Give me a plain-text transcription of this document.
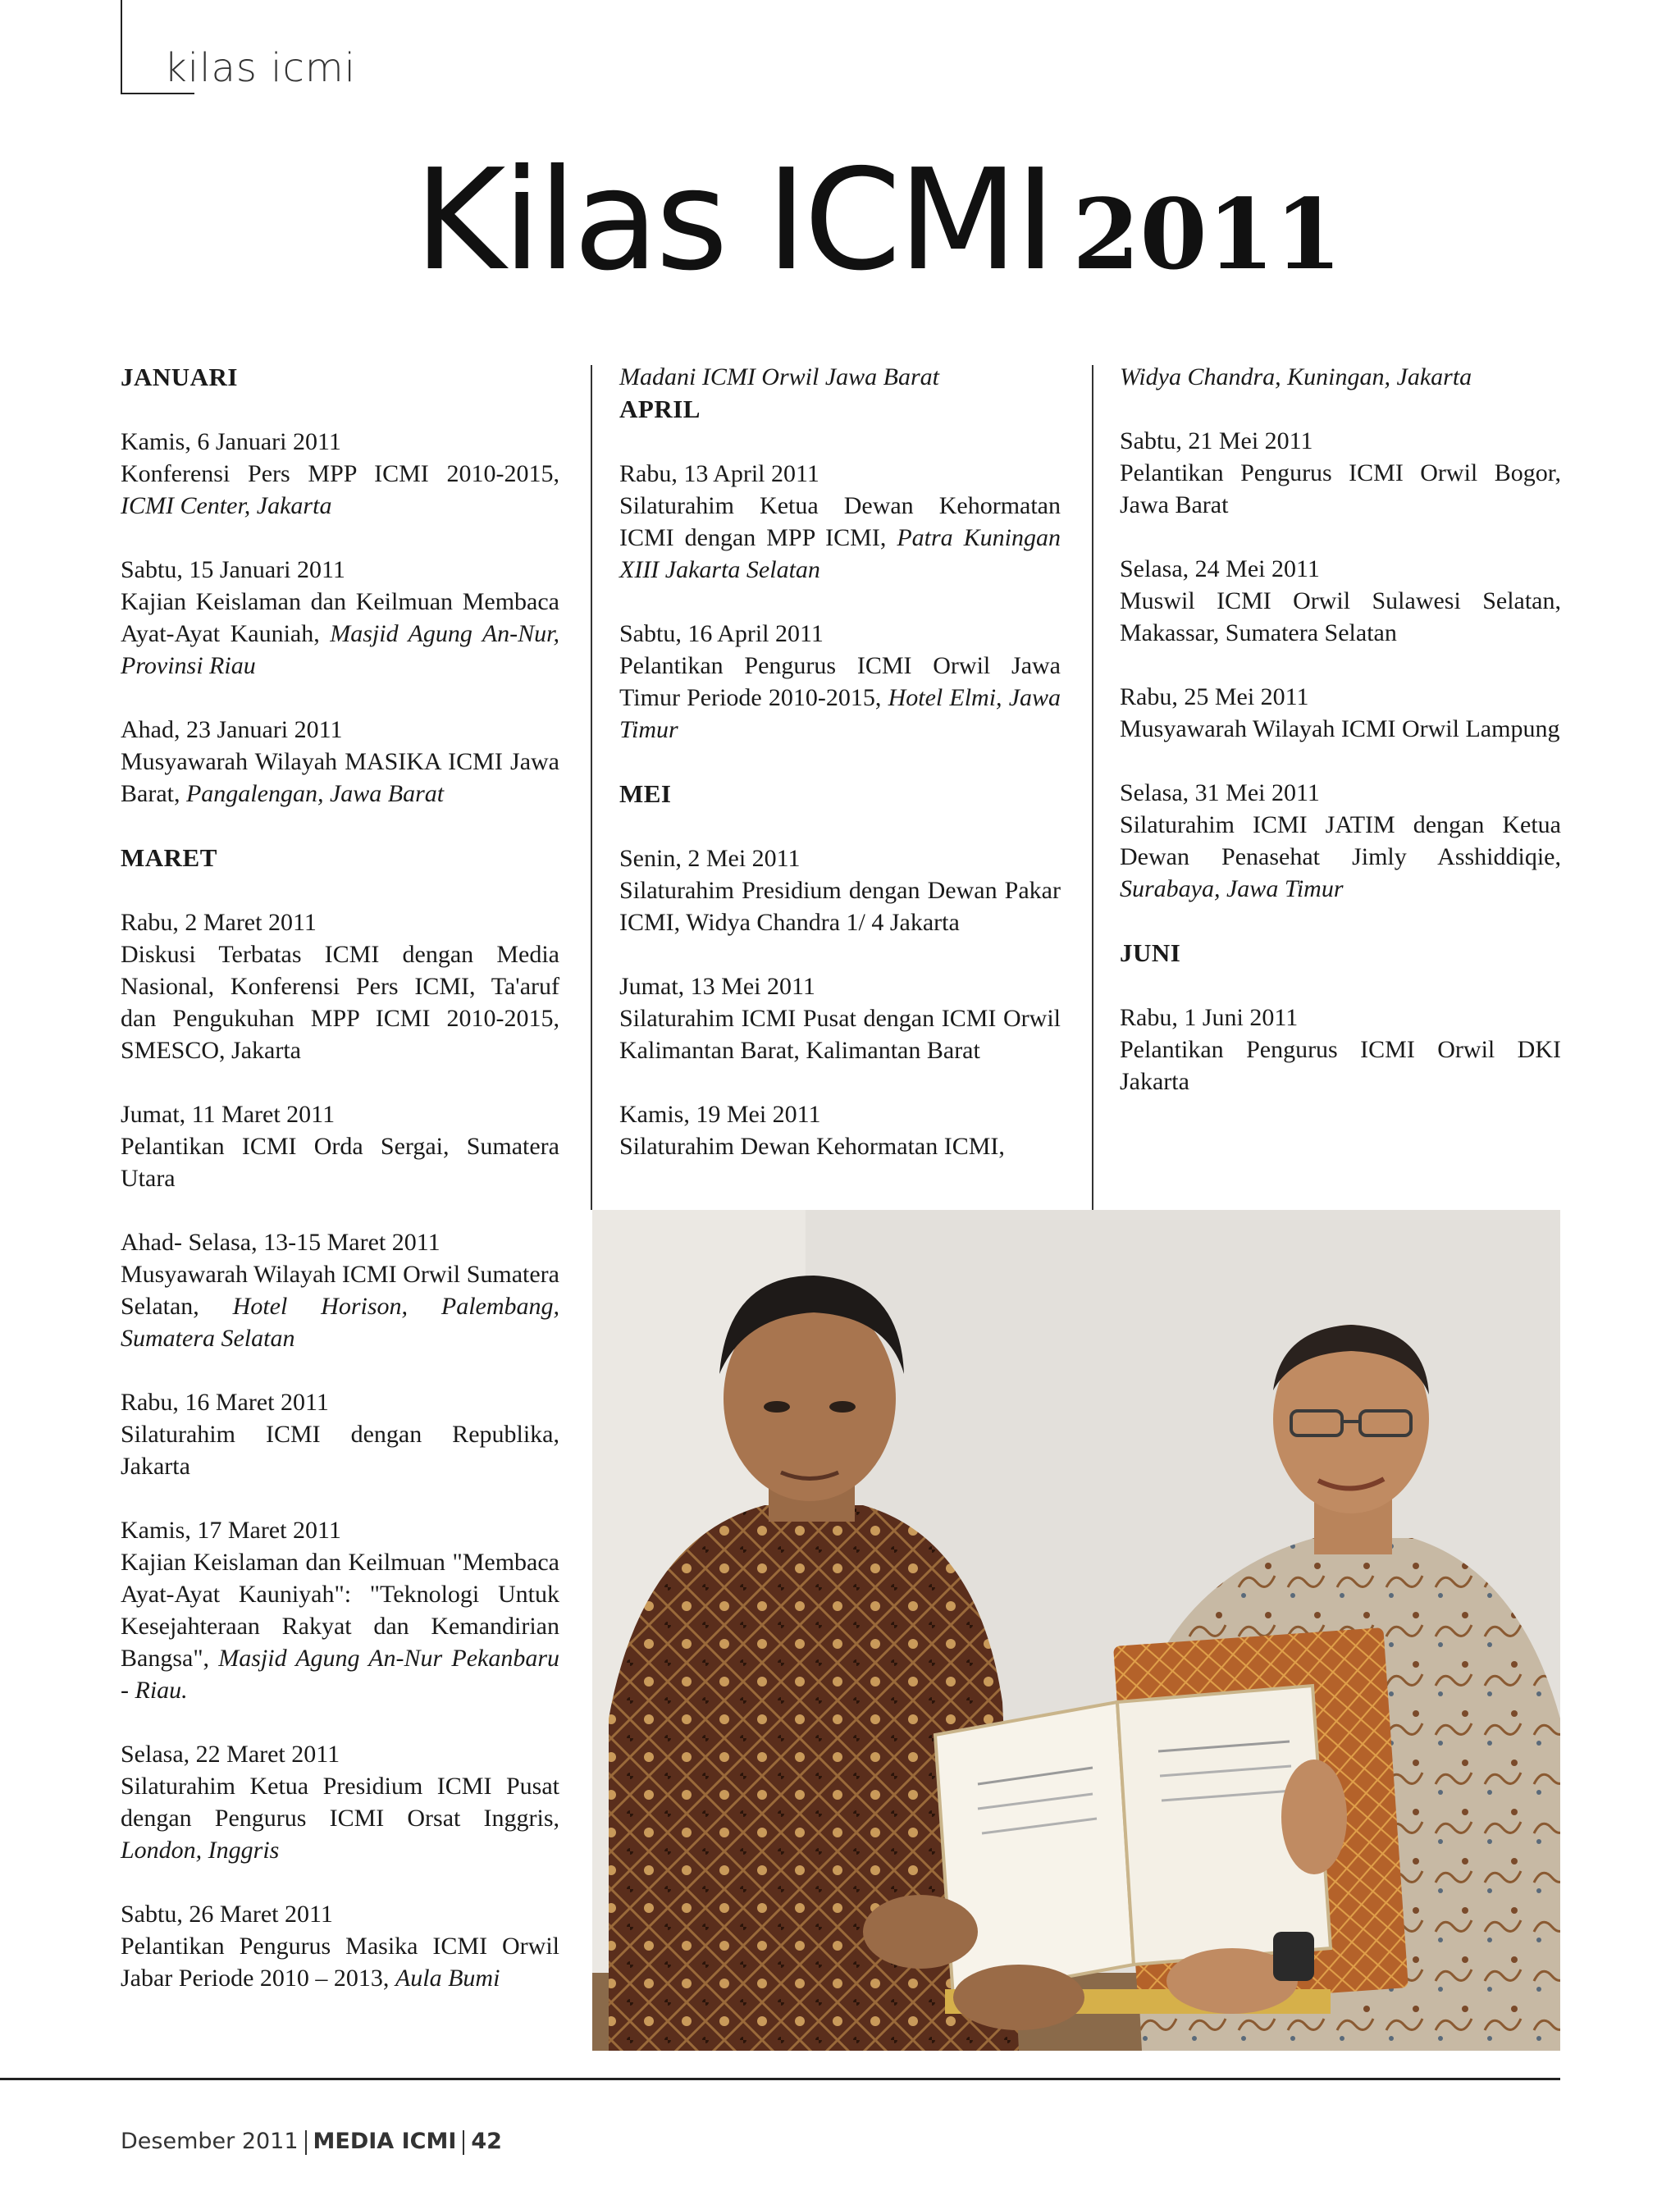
kilas icmi
Kilas ICMI 2011

JANUARI

Kamis, 6 Januari 2011
Konferensi Pers MPP ICMI 2010-2015, ICMI Center, Jakarta
Sabtu, 15 Januari 2011
Kajian Keislaman dan Keilmuan Membaca Ayat-Ayat Kauniah, Masjid Agung An-Nur, Provinsi Riau
Ahad, 23 Januari 2011
Musyawarah Wilayah MASIKA ICMI Jawa Barat, Pangalengan, Jawa Barat

MARET

Rabu, 2 Maret 2011
Diskusi Terbatas ICMI dengan Media Nasional, Konferensi Pers ICMI, Ta'aruf dan Pengukuhan MPP ICMI 2010-2015, SMESCO, Jakarta
Jumat, 11 Maret 2011
Pelantikan ICMI Orda Sergai, Sumatera Utara
Ahad- Selasa, 13-15 Maret 2011
Musyawarah Wilayah ICMI Orwil Sumatera Selatan, Hotel Horison, Palembang, Sumatera Selatan
Rabu, 16 Maret 2011
Silaturahim ICMI dengan Republika, Jakarta
Kamis, 17 Maret 2011
Kajian Keislaman dan Keilmuan "Membaca Ayat-Ayat Kauniyah": "Teknologi Untuk Kesejahteraan Rakyat dan Kemandirian Bangsa", Masjid Agung An-Nur Pekanbaru - Riau.
Selasa, 22 Maret 2011
Silaturahim Ketua Presidium ICMI Pusat dengan Pengurus ICMI Orsat Inggris, London, Inggris
Sabtu, 26 Maret 2011
Pelantikan Pengurus Masika ICMI Orwil Jabar Periode 2010 – 2013, Aula Bumi
Madani ICMI Orwil Jawa Barat

APRIL

Rabu, 13 April 2011
Silaturahim Ketua Dewan Kehormatan ICMI dengan MPP ICMI, Patra Kuningan XIII Jakarta Selatan
Sabtu, 16 April 2011
Pelantikan Pengurus ICMI Orwil Jawa Timur Periode 2010-2015, Hotel Elmi, Jawa Timur

MEI

Senin, 2 Mei 2011
Silaturahim Presidium dengan Dewan Pakar ICMI, Widya Chandra 1/ 4 Jakarta
Jumat, 13 Mei 2011
Silaturahim ICMI Pusat dengan ICMI Orwil Kalimantan Barat, Kalimantan Barat
Kamis, 19 Mei 2011
Silaturahim Dewan Kehormatan ICMI,
Widya Chandra, Kuningan, Jakarta
Sabtu, 21 Mei 2011
Pelantikan Pengurus ICMI Orwil Bogor, Jawa Barat
Selasa, 24 Mei 2011
Muswil ICMI Orwil Sulawesi Selatan, Makassar, Sumatera Selatan
Rabu, 25 Mei 2011
Musyawarah Wilayah ICMI Orwil Lampung
Selasa, 31 Mei 2011
Silaturahim ICMI JATIM dengan Ketua Dewan Penasehat Jimly Asshiddiqie, Surabaya, Jawa Timur

JUNI

Rabu, 1 Juni 2011
Pelantikan Pengurus ICMI Orwil DKI Jakarta
Desember 2011 MEDIA ICMI 42
